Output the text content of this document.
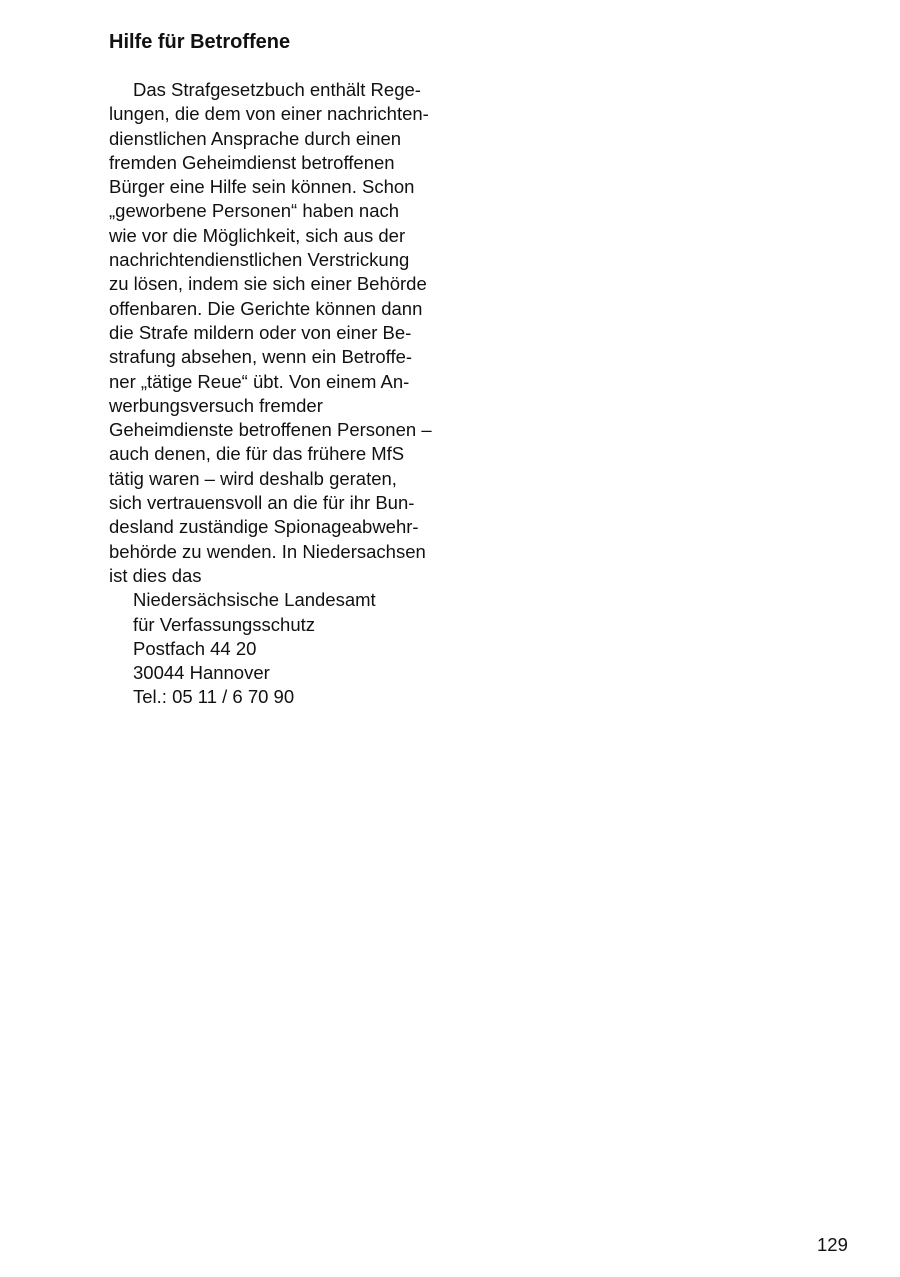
Hilfe für Betroffene
Das Strafgesetzbuch enthält Rege-
lungen, die dem von einer nachrichten-
dienstlichen Ansprache durch einen
fremden Geheimdienst betroffenen
Bürger eine Hilfe sein können. Schon
„geworbene Personen“ haben nach
wie vor die Möglichkeit, sich aus der
nachrichtendienstlichen Verstrickung
zu lösen, indem sie sich einer Behörde
offenbaren. Die Gerichte können dann
die Strafe mildern oder von einer Be-
strafung absehen, wenn ein Betroffe-
ner „tätige Reue“ übt. Von einem An-
werbungsversuch fremder
Geheimdienste betroffenen Personen –
auch denen, die für das frühere MfS
tätig waren – wird deshalb geraten,
sich vertrauensvoll an die für ihr Bun-
desland zuständige Spionageabwehr-
behörde zu wenden. In Niedersachsen
ist dies das
Niedersächsische Landesamt
für Verfassungsschutz
Postfach 44 20
30044 Hannover
Tel.: 05 11 / 6 70 90
129
